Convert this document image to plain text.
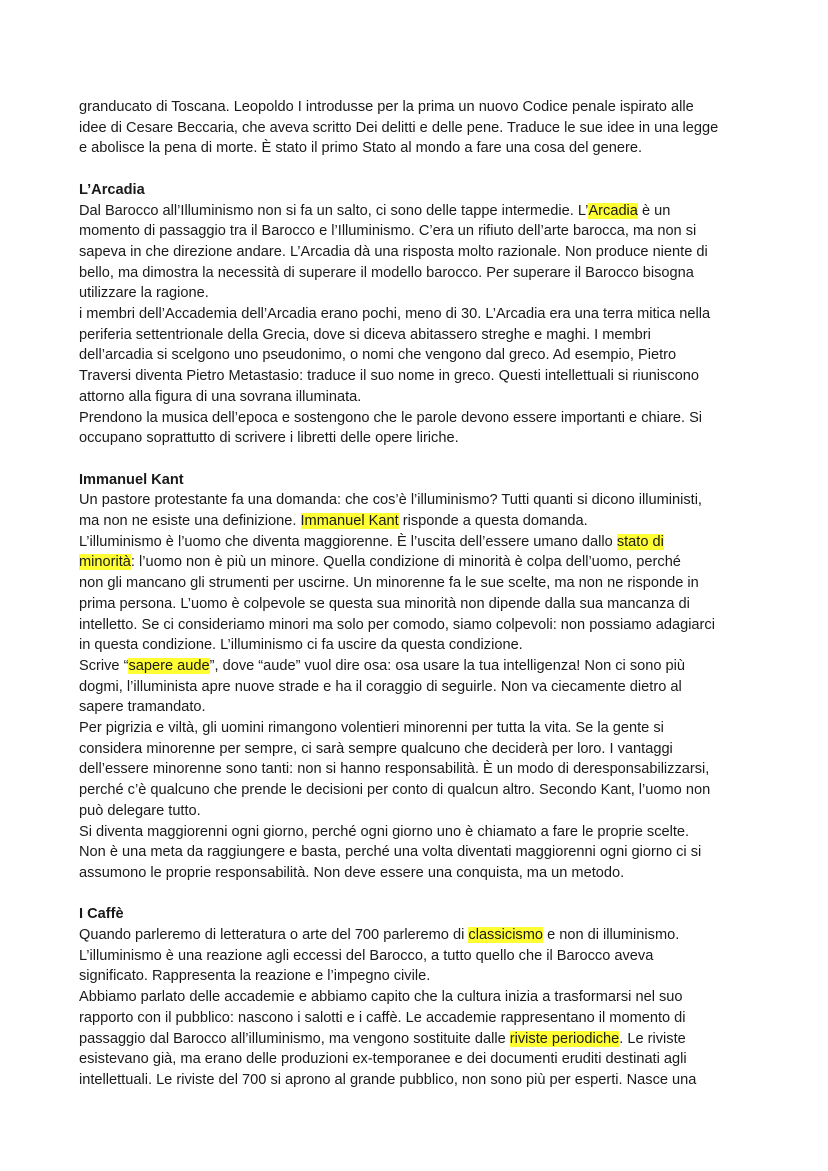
granducato di Toscana. Leopoldo I introdusse per la prima un nuovo Codice penale ispirato alle
idee di Cesare Beccaria, che aveva scritto Dei delitti e delle pene. Traduce le sue idee in una legge
e abolisce la pena di morte. È stato il primo Stato al mondo a fare una cosa del genere.
L’Arcadia
Dal Barocco all’Illuminismo non si fa un salto, ci sono delle tappe intermedie. L’Arcadia è un
momento di passaggio tra il Barocco e l’Illuminismo. C’era un rifiuto dell’arte barocca, ma non si
sapeva in che direzione andare. L’Arcadia dà una risposta molto razionale. Non produce niente di
bello, ma dimostra la necessità di superare il modello barocco. Per superare il Barocco bisogna
utilizzare la ragione.
i membri dell’Accademia dell’Arcadia erano pochi, meno di 30. L’Arcadia era una terra mitica nella
periferia settentrionale della Grecia, dove si diceva abitassero streghe e maghi. I membri
dell’arcadia si scelgono uno pseudonimo, o nomi che vengono dal greco. Ad esempio, Pietro
Traversi diventa Pietro Metastasio: traduce il suo nome in greco. Questi intellettuali si riuniscono
attorno alla figura di una sovrana illuminata.
Prendono la musica dell’epoca e sostengono che le parole devono essere importanti e chiare. Si
occupano soprattutto di scrivere i libretti delle opere liriche.
Immanuel Kant
Un pastore protestante fa una domanda: che cos’è l’illuminismo? Tutti quanti si dicono illuministi,
ma non ne esiste una definizione. Immanuel Kant risponde a questa domanda.
L’illuminismo è l’uomo che diventa maggiorenne. È l’uscita dell’essere umano dallo stato di
minorità: l’uomo non è più un minore. Quella condizione di minorità è colpa dell’uomo, perché
non gli mancano gli strumenti per uscirne. Un minorenne fa le sue scelte, ma non ne risponde in
prima persona. L’uomo è colpevole se questa sua minorità non dipende dalla sua mancanza di
intelletto. Se ci consideriamo minori ma solo per comodo, siamo colpevoli: non possiamo adagiarci
in questa condizione. L’illuminismo ci fa uscire da questa condizione.
Scrive “sapere aude”, dove “aude” vuol dire osa: osa usare la tua intelligenza! Non ci sono più
dogmi, l’illuminista apre nuove strade e ha il coraggio di seguirle. Non va ciecamente dietro al
sapere tramandato.
Per pigrizia e viltà, gli uomini rimangono volentieri minorenni per tutta la vita. Se la gente si
considera minorenne per sempre, ci sarà sempre qualcuno che deciderà per loro. I vantaggi
dell’essere minorenne sono tanti: non si hanno responsabilità. È un modo di deresponsabilizzarsi,
perché c’è qualcuno che prende le decisioni per conto di qualcun altro. Secondo Kant, l’uomo non
può delegare tutto.
Si diventa maggiorenni ogni giorno, perché ogni giorno uno è chiamato a fare le proprie scelte.
Non è una meta da raggiungere e basta, perché una volta diventati maggiorenni ogni giorno ci si
assumono le proprie responsabilità. Non deve essere una conquista, ma un metodo.
I Caffè
Quando parleremo di letteratura o arte del 700 parleremo di classicismo e non di illuminismo.
L’illuminismo è una reazione agli eccessi del Barocco, a tutto quello che il Barocco aveva
significato. Rappresenta la reazione e l’impegno civile.
Abbiamo parlato delle accademie e abbiamo capito che la cultura inizia a trasformarsi nel suo
rapporto con il pubblico: nascono i salotti e i caffè. Le accademie rappresentano il momento di
passaggio dal Barocco all’illuminismo, ma vengono sostituite dalle riviste periodiche. Le riviste
esistevano già, ma erano delle produzioni ex-temporanee e dei documenti eruditi destinati agli
intellettuali. Le riviste del 700 si aprono al grande pubblico, non sono più per esperti. Nasce una
